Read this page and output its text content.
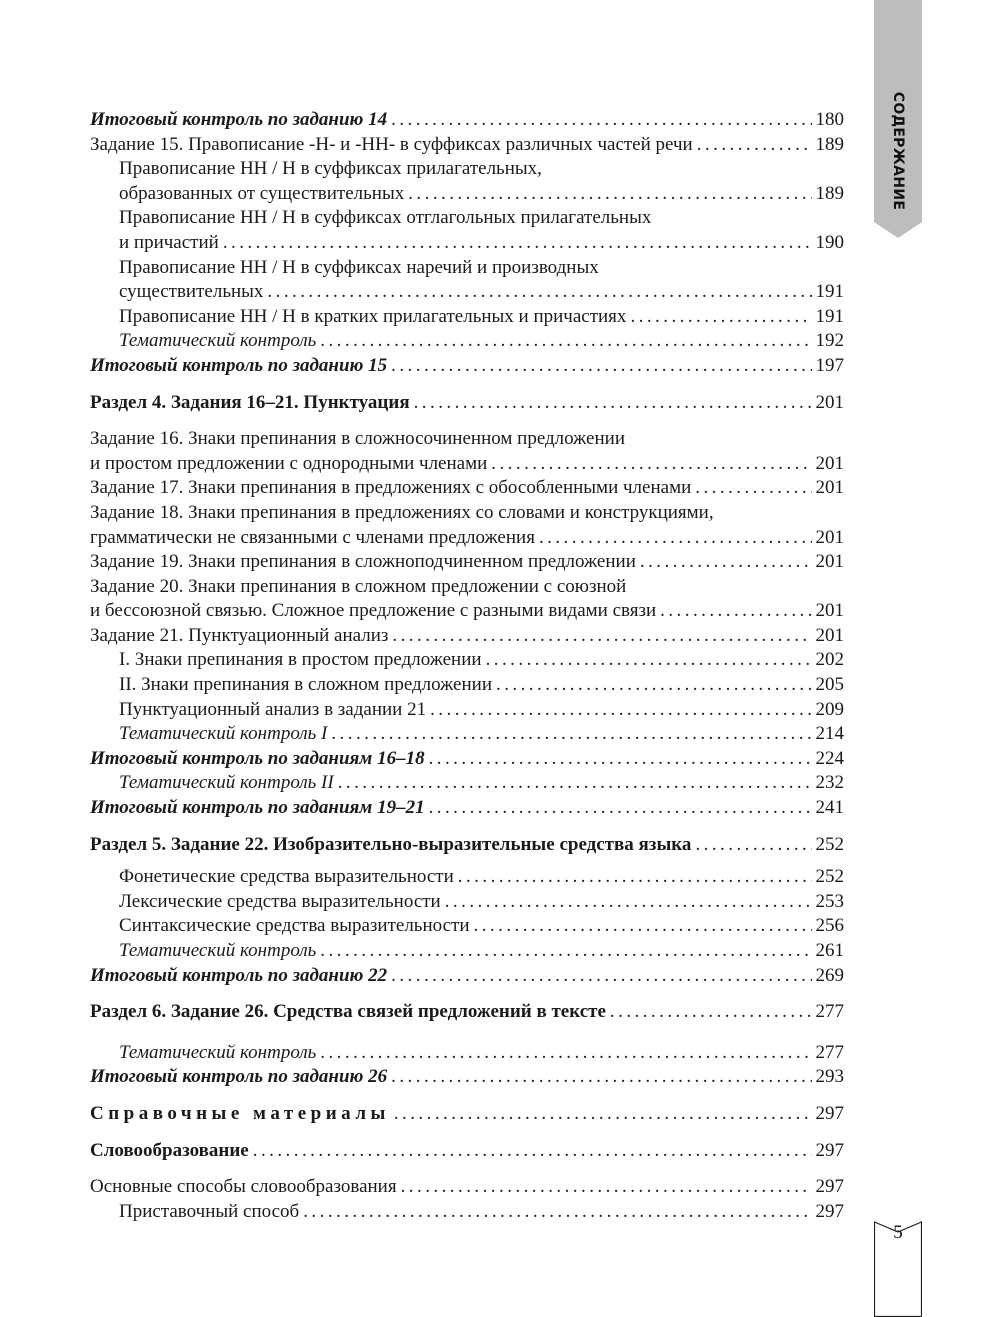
СОДЕРЖАНИЕ
Итоговый контроль по заданию 14 . . .	180
Задание 15. Правописание -Н- и -НН- в суффиксах различных частей речи . . .	189
Правописание НН / Н в суффиксах прилагательных,
образованных от существительных . . .	189
Правописание НН / Н в суффиксах отглагольных прилагательных
и причастий . . .	190
Правописание НН / Н в суффиксах наречий и производных
существительных . . .	191
Правописание НН / Н в кратких прилагательных и причастиях . . .	191
Тематический контроль . . .	192
Итоговый контроль по заданию 15 . . .	197
Раздел 4. Задания 16–21. Пунктуация . . .	201
Задание 16. Знаки препинания в сложносочиненном предложении
и простом предложении с однородными членами . . .	201
Задание 17. Знаки препинания в предложениях с обособленными членами . . .	201
Задание 18. Знаки препинания в предложениях со словами и конструкциями,
грамматически не связанными с членами предложения . . .	201
Задание 19. Знаки препинания в сложноподчиненном предложении . . .	201
Задание 20. Знаки препинания в сложном предложении с союзной
и бессоюзной связью. Сложное предложение с разными видами связи . . .	201
Задание 21. Пунктуационный анализ . . .	201
I. Знаки препинания в простом предложении . . .	202
II. Знаки препинания в сложном предложении . . .	205
Пунктуационный анализ в задании 21 . . .	209
Тематический контроль I . . .	214
Итоговый контроль по заданиям 16–18 . . .	224
Тематический контроль II . . .	232
Итоговый контроль по заданиям 19–21 . . .	241
Раздел 5. Задание 22. Изобразительно-выразительные средства языка . . .	252
Фонетические средства выразительности . . .	252
Лексические средства выразительности . . .	253
Синтаксические средства выразительности . . .	256
Тематический контроль . . .	261
Итоговый контроль по заданию 22 . . .	269
Раздел 6. Задание 26. Средства связей предложений в тексте . . .	277
Тематический контроль . . .	277
Итоговый контроль по заданию 26 . . .	293
Справочные материалы . . .	297
Словообразование . . .	297
Основные способы словообразования . . .	297
Приставочный способ . . .	297
5
